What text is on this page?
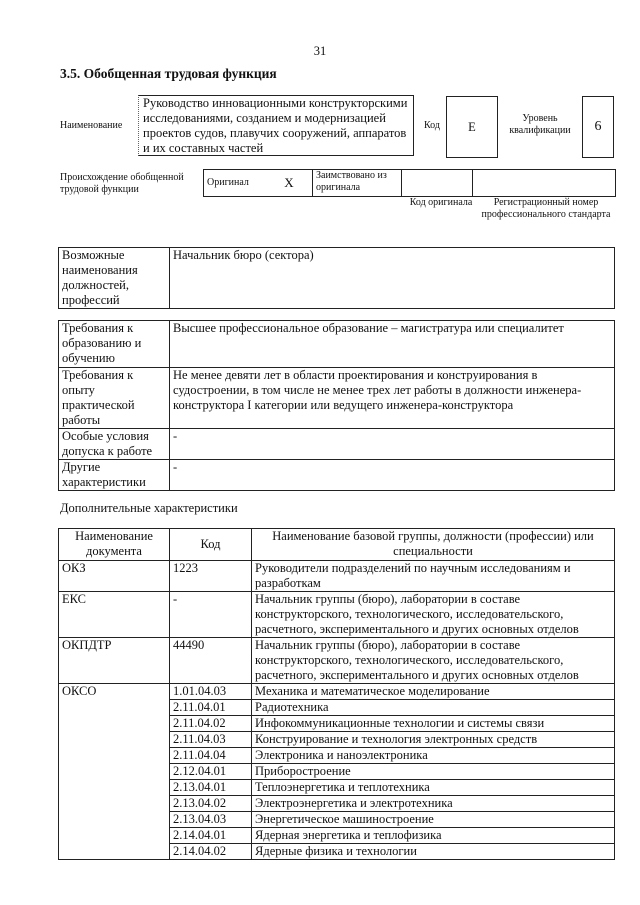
31
3.5. Обобщенная трудовая функция
Наименование
Руководство инновационными конструкторскими исследованиями, созданием и модернизацией проектов судов, плавучих сооружений, аппаратов и их составных частей
Код	E
Уровень квалификации	6
Происхождение обобщенной трудовой функции
Оригинал	X	Заимствовано из оригинала		
Код оригинала	Регистрационный номер профессионального стандарта
Возможные наименования должностей, профессий	Начальник бюро (сектора)
Требования к образованию и обучению	Высшее профессиональное образование – магистратура или специалитет
Требования к опыту практической работы	Не менее девяти лет в области проектирования и конструирования в судостроении, в том числе не менее трех лет работы в должности инженера-конструктора I категории или ведущего инженера-конструктора
Особые условия допуска к работе	-
Другие характеристики	-
Дополнительные характеристики
Наименование документа	Код	Наименование базовой группы, должности (профессии) или специальности
ОКЗ	1223	Руководители подразделений по научным исследованиям и разработкам
ЕКС	-	Начальник группы (бюро), лаборатории в составе конструкторского, технологического, исследовательского, расчетного, экспериментального и других основных отделов
ОКПДТР	44490	Начальник группы (бюро), лаборатории в составе конструкторского, технологического, исследовательского, расчетного, экспериментального и других основных отделов
ОКСО	1.01.04.03	Механика и математическое моделирование
	2.11.04.01	Радиотехника
	2.11.04.02	Инфокоммуникационные технологии и системы связи
	2.11.04.03	Конструирование и технология электронных средств
	2.11.04.04	Электроника и наноэлектроника
	2.12.04.01	Приборостроение
	2.13.04.01	Теплоэнергетика и теплотехника
	2.13.04.02	Электроэнергетика и электротехника
	2.13.04.03	Энергетическое машиностроение
	2.14.04.01	Ядерная энергетика и теплофизика
	2.14.04.02	Ядерные физика и технологии
